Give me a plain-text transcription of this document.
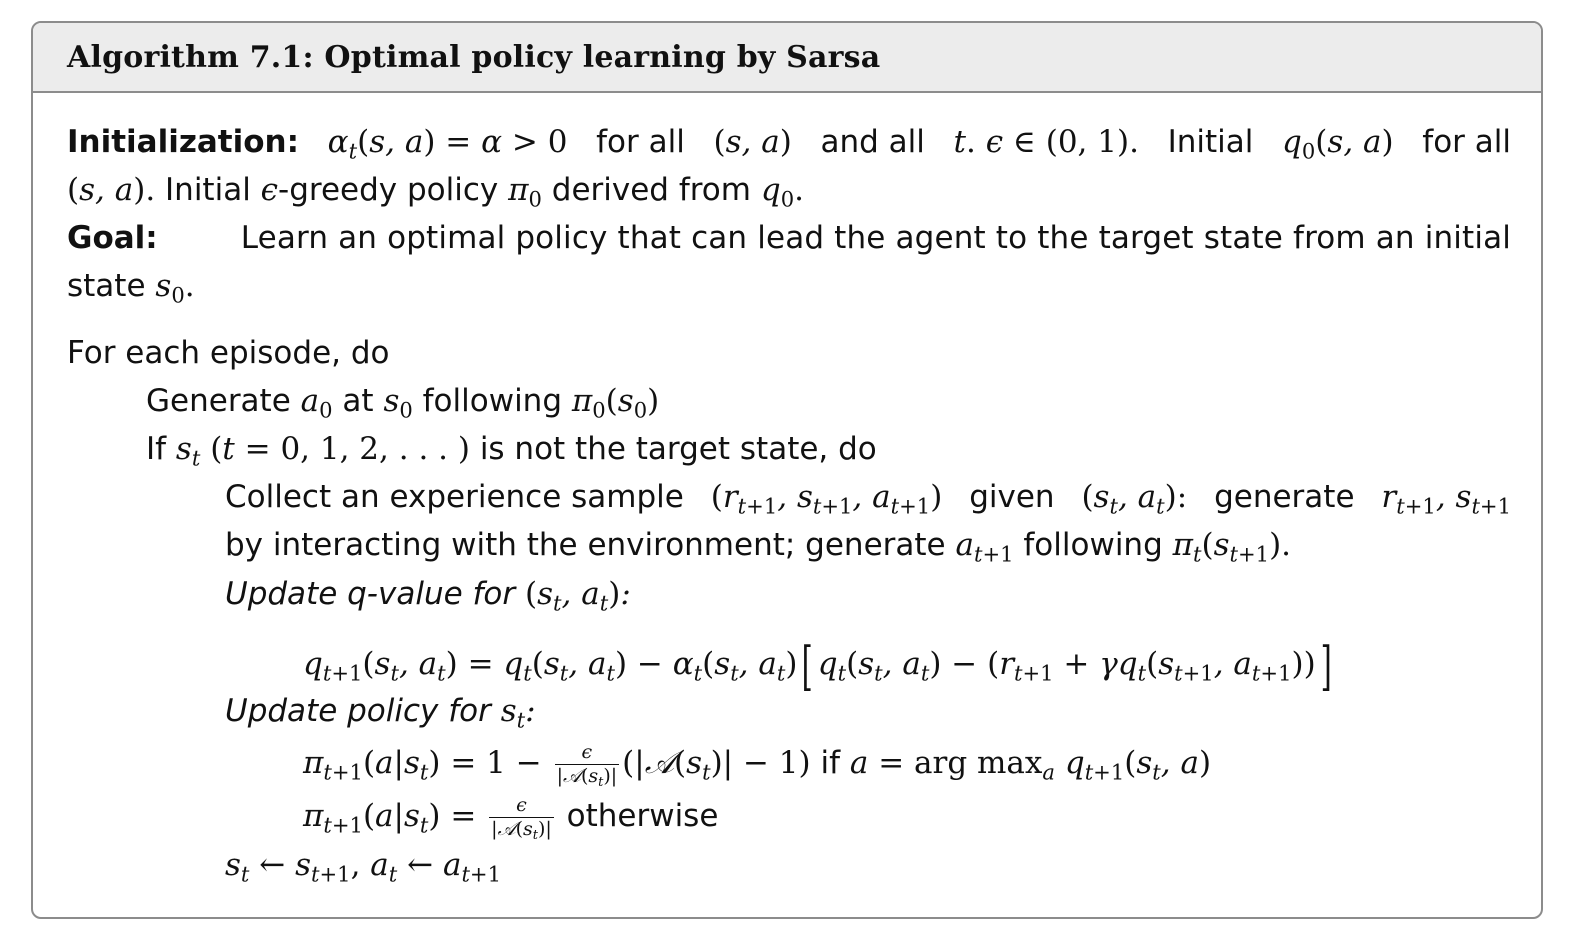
Algorithm 7.1: Optimal policy learning by Sarsa
Initialization: $\alpha_t(s$, a) = α > 0 for all (s, a) and all t. ϵ ∈ (0, 1). Initial $q_0(s$, a) for all
(s, a). Initial ϵ-greedy policy $\pi_0$ derived from $q_0$.
Goal:	Learn an optimal policy that can lead the agent to the target state from an initial
state $s_0$.
For each episode, do
Generate $a_0$ at $s_0$ following $\pi_0(s_0)$
If $s_t$ (t = 0, 1, 2, . . . ) is not the target state, do
Collect an experience sample ($r_{t+1}$, $s_{t+1}$, $a_{t+1}$) given ($s_t$, $a_t$): generate $r_{t+1}$, $s_{t+1}$
by interacting with the environment; generate $a_{t+1}$ following $\pi_t(s_{t+1})$.
Update q-value for ($s_t$, $a_t$):
$q_{t+1}(s_t$, $a_t) = q_t(s_t$, $a_t) - \alpha_t(s_t$, $a_t$)[ $q_t(s_t$, $a_t) - (r_{t+1} + \gamma q_t(s_{t+1}$, $a_{t+1}$))]
Update policy for $s_t$:
$\pi_{t+1}(a|s_t) = 1 - \frac{\epsilon}{|𝒜(s_t)|}$ $(|𝒜(s_t)| - 1)$ if a = arg $\max_a q_{t+1}(s_t$, a)
$\pi_{t+1}(a|s_t) = \frac{\epsilon}{|𝒜(s_t)|}$ otherwise
$s_t$ ← $s_{t+1}$, $a_t$ ← $a_{t+1}$
